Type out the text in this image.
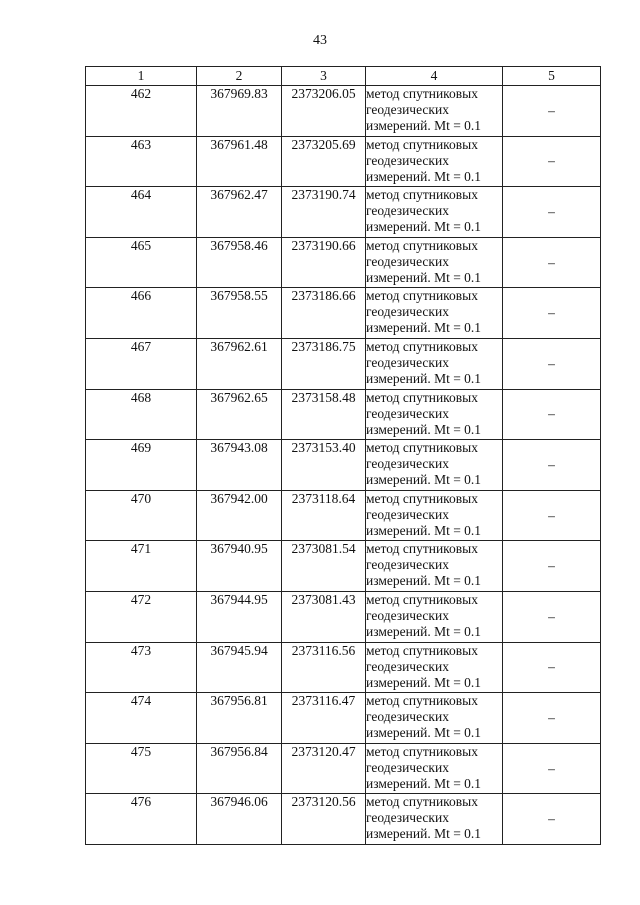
43
1	2	3	4	5
462	367969.83	2373206.05	метод спутниковых
геодезических
измерений. Mt = 0.1	–
463	367961.48	2373205.69	метод спутниковых
геодезических
измерений. Mt = 0.1	–
464	367962.47	2373190.74	метод спутниковых
геодезических
измерений. Mt = 0.1	–
465	367958.46	2373190.66	метод спутниковых
геодезических
измерений. Mt = 0.1	–
466	367958.55	2373186.66	метод спутниковых
геодезических
измерений. Mt = 0.1	–
467	367962.61	2373186.75	метод спутниковых
геодезических
измерений. Mt = 0.1	–
468	367962.65	2373158.48	метод спутниковых
геодезических
измерений. Mt = 0.1	–
469	367943.08	2373153.40	метод спутниковых
геодезических
измерений. Mt = 0.1	–
470	367942.00	2373118.64	метод спутниковых
геодезических
измерений. Mt = 0.1	–
471	367940.95	2373081.54	метод спутниковых
геодезических
измерений. Mt = 0.1	–
472	367944.95	2373081.43	метод спутниковых
геодезических
измерений. Mt = 0.1	–
473	367945.94	2373116.56	метод спутниковых
геодезических
измерений. Mt = 0.1	–
474	367956.81	2373116.47	метод спутниковых
геодезических
измерений. Mt = 0.1	–
475	367956.84	2373120.47	метод спутниковых
геодезических
измерений. Mt = 0.1	–
476	367946.06	2373120.56	метод спутниковых
геодезических
измерений. Mt = 0.1	–
